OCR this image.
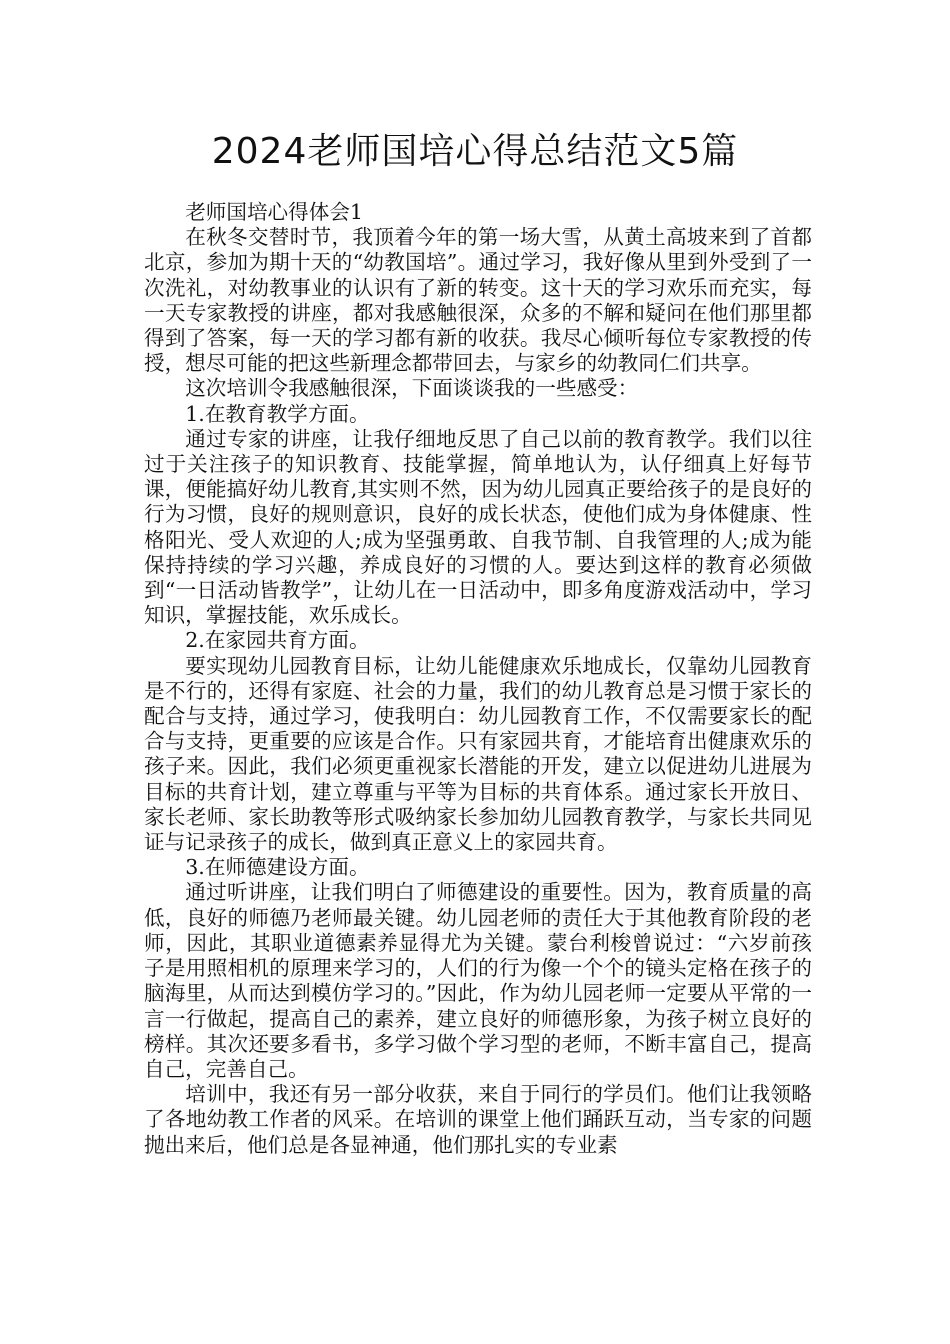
2024老师国培心得总结范文5篇

老师国培心得体会1

在秋冬交替时节，我顶着今年的第一场大雪，从黄土高坡来到了首都北京，参加为期十天的“幼教国培”。通过学习，我好像从里到外受到了一次洗礼，对幼教事业的认识有了新的转变。这十天的学习欢乐而充实，每一天专家教授的讲座，都对我感触很深，众多的不解和疑问在他们那里都得到了答案，每一天的学习都有新的收获。我尽心倾听每位专家教授的传授，想尽可能的把这些新理念都带回去，与家乡的幼教同仁们共享。

这次培训令我感触很深，下面谈谈我的一些感受：

1.在教育教学方面。

通过专家的讲座，让我仔细地反思了自己以前的教育教学。我们以往过于关注孩子的知识教育、技能掌握，简单地认为，认仔细真上好每节课，便能搞好幼儿教育,其实则不然，因为幼儿园真正要给孩子的是良好的行为习惯，良好的规则意识，良好的成长状态，使他们成为身体健康、性格阳光、受人欢迎的人;成为坚强勇敢、自我节制、自我管理的人;成为能保持持续的学习兴趣，养成良好的习惯的人。要达到这样的教育必须做到“一日活动皆教学”，让幼儿在一日活动中，即多角度游戏活动中，学习知识，掌握技能，欢乐成长。

2.在家园共育方面。

要实现幼儿园教育目标，让幼儿能健康欢乐地成长，仅靠幼儿园教育是不行的，还得有家庭、社会的力量，我们的幼儿教育总是习惯于家长的配合与支持，通过学习，使我明白：幼儿园教育工作，不仅需要家长的配合与支持，更重要的应该是合作。只有家园共育，才能培育出健康欢乐的孩子来。因此，我们必须更重视家长潜能的开发，建立以促进幼儿进展为目标的共育计划，建立尊重与平等为目标的共育体系。通过家长开放日、家长老师、家长助教等形式吸纳家长参加幼儿园教育教学，与家长共同见证与记录孩子的成长，做到真正意义上的家园共育。

3.在师德建设方面。

通过听讲座，让我们明白了师德建设的重要性。因为，教育质量的高低，良好的师德乃老师最关键。幼儿园老师的责任大于其他教育阶段的老师，因此，其职业道德素养显得尤为关键。蒙台利梭曾说过：“六岁前孩子是用照相机的原理来学习的，人们的行为像一个个的镜头定格在孩子的脑海里，从而达到模仿学习的。”因此，作为幼儿园老师一定要从平常的一言一行做起，提高自己的素养，建立良好的师德形象，为孩子树立良好的榜样。其次还要多看书，多学习做个学习型的老师，不断丰富自己，提高自己，完善自己。

培训中，我还有另一部分收获，来自于同行的学员们。他们让我领略了各地幼教工作者的风采。在培训的课堂上他们踊跃互动，当专家的问题抛出来后，他们总是各显神通，他们那扎实的专业素
